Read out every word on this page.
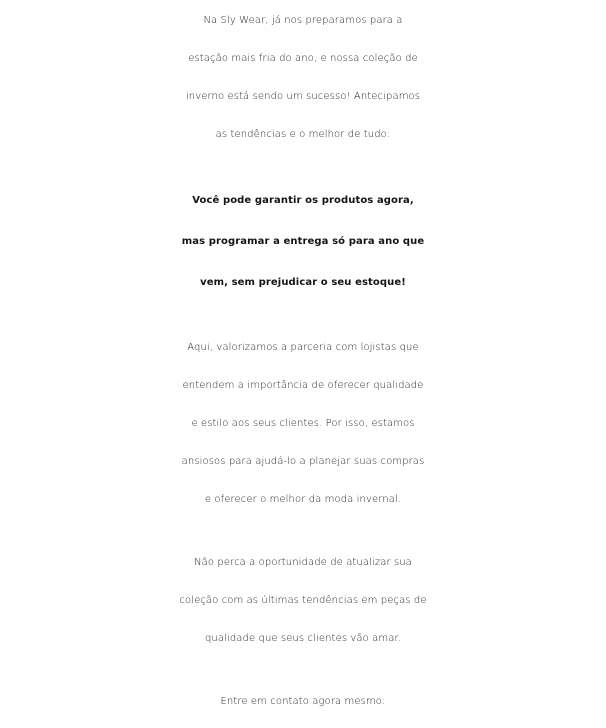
Na Sly Wear, já nos preparamos para a
estação mais fria do ano, e nossa coleção de
inverno está sendo um sucesso! Antecipamos
as tendências e o melhor de tudo:

Você pode garantir os produtos agora,
mas programar a entrega só para ano que
vem, sem prejudicar o seu estoque!

Aqui, valorizamos a parceria com lojistas que
entendem a importância de oferecer qualidade
e estilo aos seus clientes. Por isso, estamos
ansiosos para ajudá-lo a planejar suas compras
e oferecer o melhor da moda invernal.

Não perca a oportunidade de atualizar sua
coleção com as últimas tendências em peças de
qualidade que seus clientes vão amar.

Entre em contato agora mesmo:
